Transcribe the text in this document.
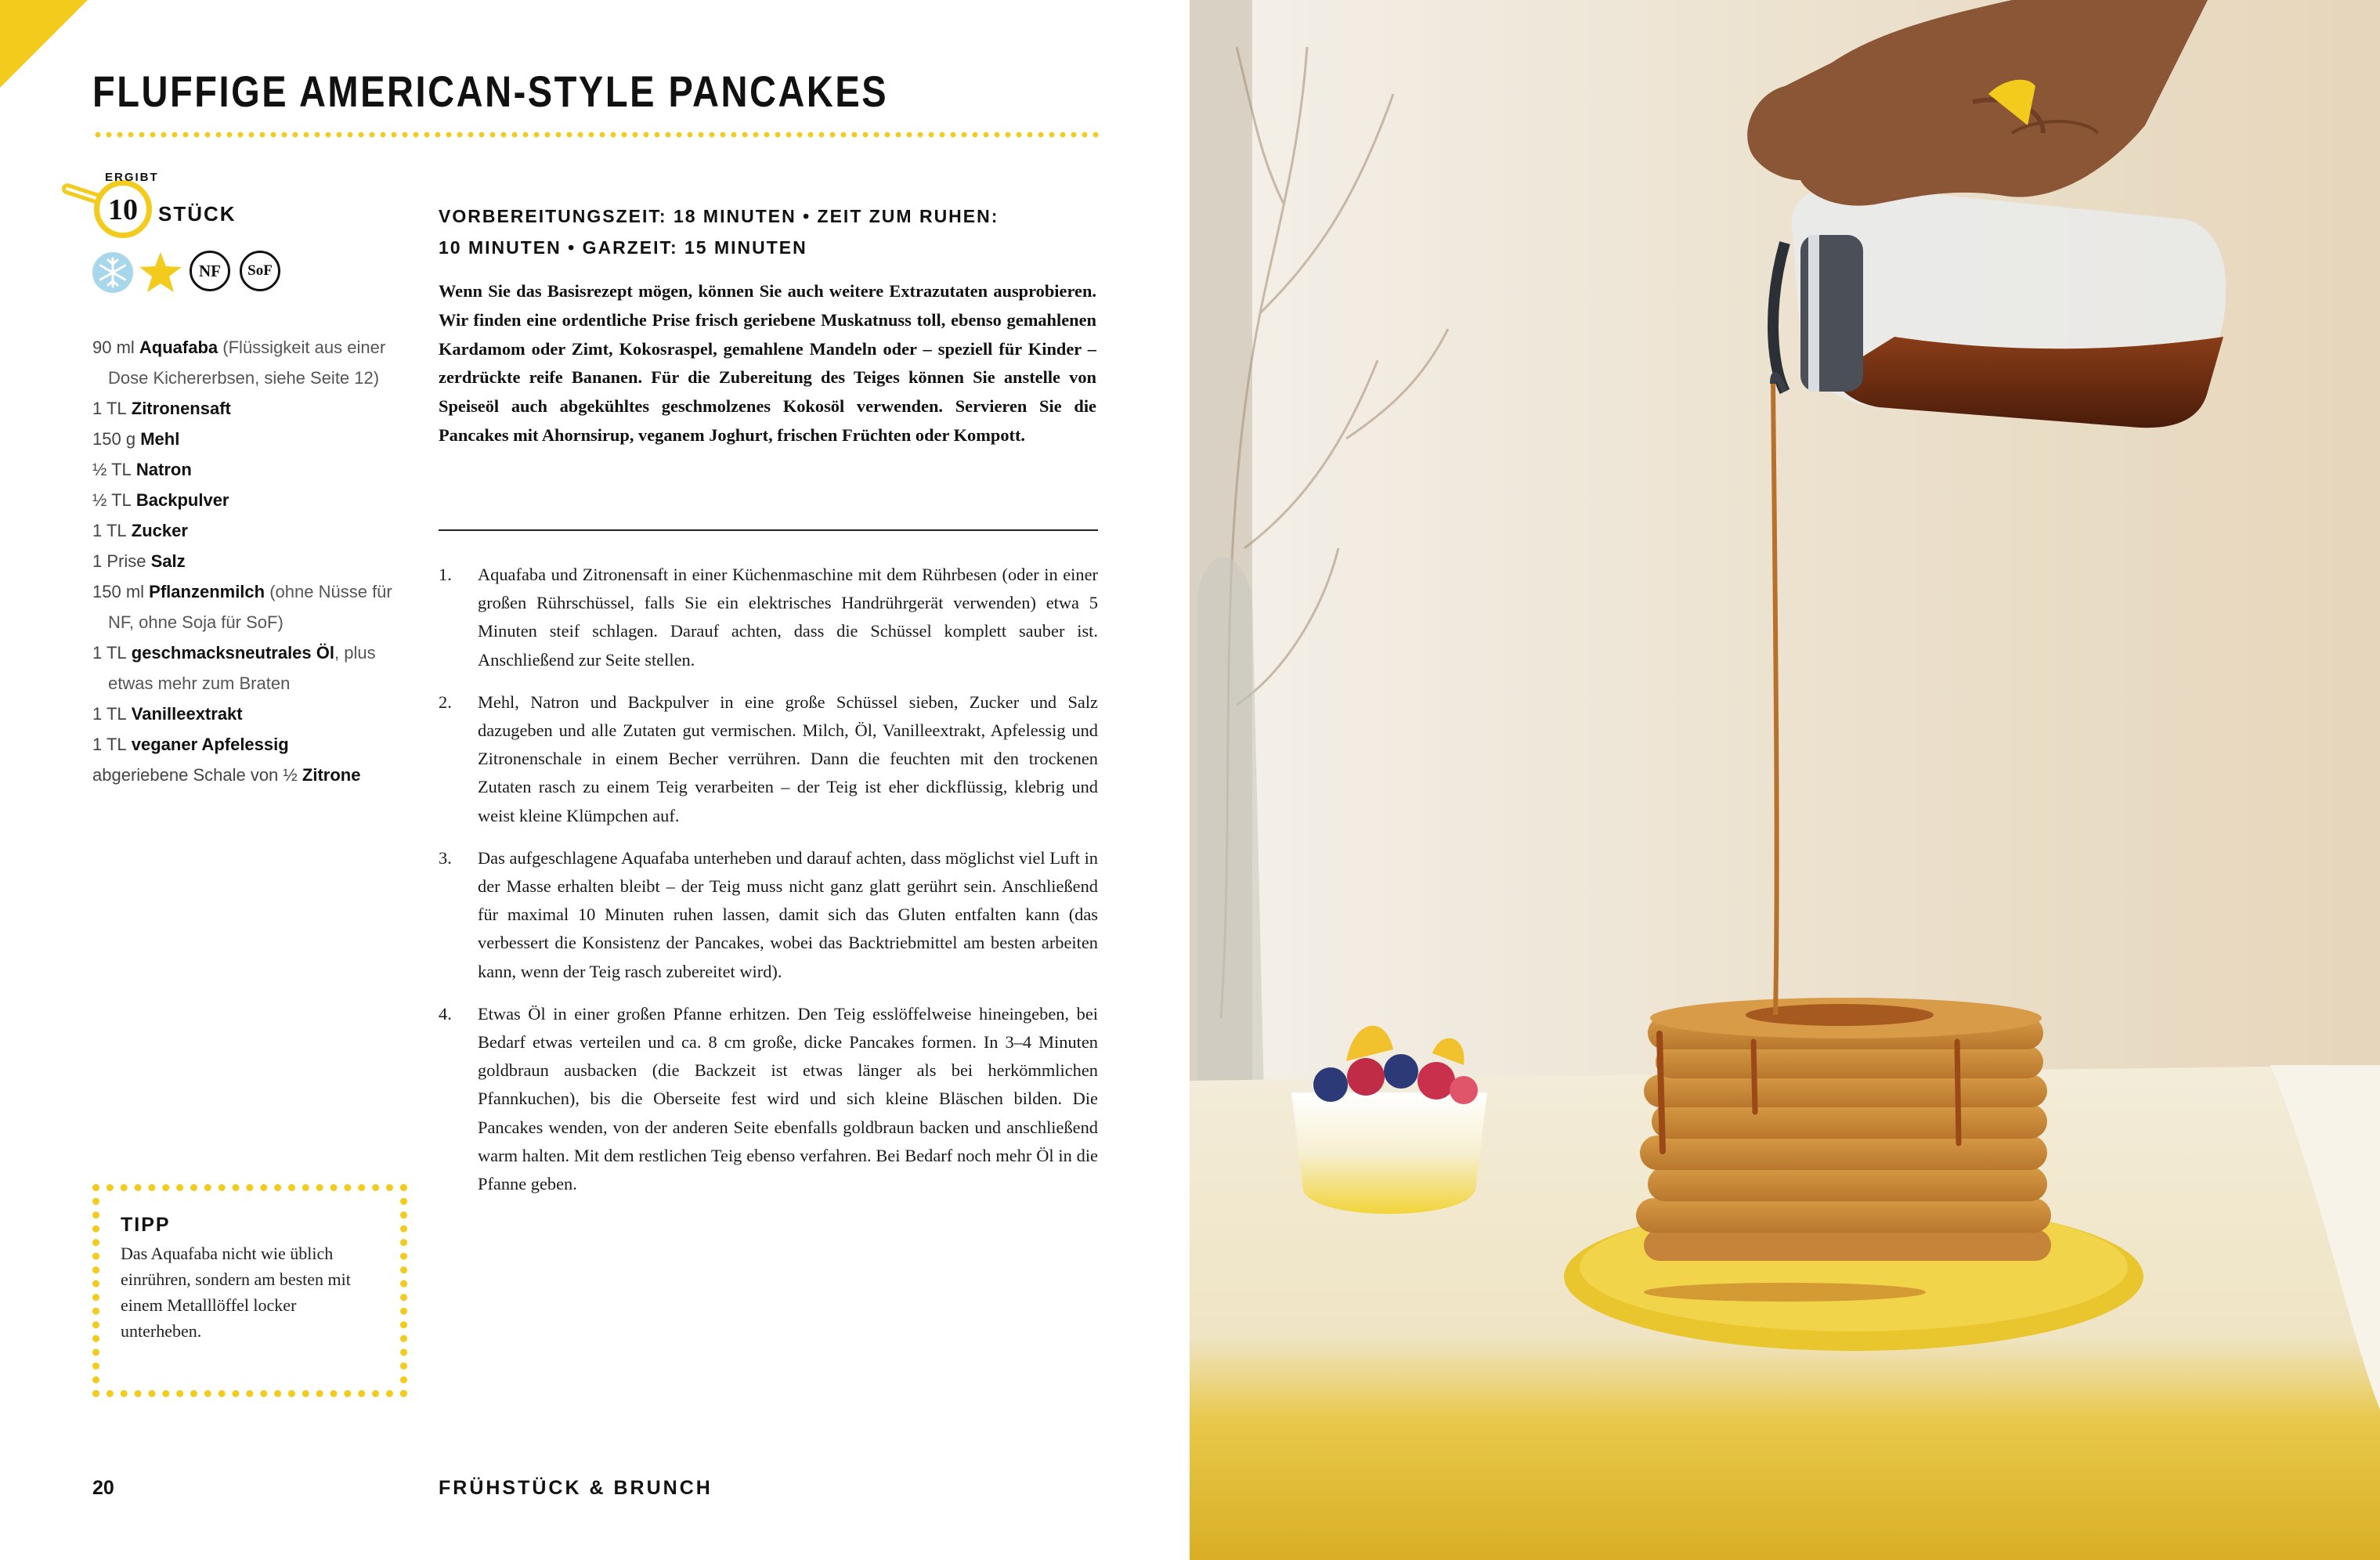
FLUFFIGE AMERICAN-STYLE PANCAKES
ERGIBT
10	STÜCK
NF	SoF
90 ml Aquafaba (Flüssigkeit aus einer Dose Kichererbsen, siehe Seite 12)
1 TL Zitronensaft
150 g Mehl
½ TL Natron
½ TL Backpulver
1 TL Zucker
1 Prise Salz
150 ml Pflanzenmilch (ohne Nüsse für NF, ohne Soja für SoF)
1 TL geschmacksneutrales Öl, plus etwas mehr zum Braten
1 TL Vanilleextrakt
1 TL veganer Apfelessig
abgeriebene Schale von ½ Zitrone
TIPP
Das Aquafaba nicht wie üblich einrühren, sondern am besten mit einem Metalllöffel locker unterheben.
VORBEREITUNGSZEIT: 18 MINUTEN • ZEIT ZUM RUHEN:
10 MINUTEN • GARZEIT: 15 MINUTEN

Wenn Sie das Basisrezept mögen, können Sie auch weitere Extrazutaten ausprobieren. Wir finden eine ordentliche Prise frisch geriebene Muskatnuss toll, ebenso gemahlenen Kardamom oder Zimt, Kokosraspel, gemahlene Mandeln oder – speziell für Kinder – zerdrückte reife Bananen. Für die Zubereitung des Teiges können Sie anstelle von Speiseöl auch abgekühltes geschmolzenes Kokosöl verwenden. Servieren Sie die Pancakes mit Ahornsirup, veganem Joghurt, frischen Früchten oder Kompott.

1. Aquafaba und Zitronensaft in einer Küchenmaschine mit dem Rührbesen (oder in einer großen Rührschüssel, falls Sie ein elektrisches Handrührgerät verwenden) etwa 5 Minuten steif schlagen. Darauf achten, dass die Schüssel komplett sauber ist. Anschließend zur Seite stellen.
2. Mehl, Natron und Backpulver in eine große Schüssel sieben, Zucker und Salz dazugeben und alle Zutaten gut vermischen. Milch, Öl, Vanilleextrakt, Apfelessig und Zitronenschale in einem Becher verrühren. Dann die feuchten mit den trockenen Zutaten rasch zu einem Teig verarbeiten – der Teig ist eher dickflüssig, klebrig und weist kleine Klümpchen auf.
3. Das aufgeschlagene Aquafaba unterheben und darauf achten, dass möglichst viel Luft in der Masse erhalten bleibt – der Teig muss nicht ganz glatt gerührt sein. Anschließend für maximal 10 Minuten ruhen lassen, damit sich das Gluten entfalten kann (das verbessert die Konsistenz der Pancakes, wobei das Backtriebmittel am besten arbeiten kann, wenn der Teig rasch zubereitet wird).
4. Etwas Öl in einer großen Pfanne erhitzen. Den Teig esslöffelweise hineingeben, bei Bedarf etwas verteilen und ca. 8 cm große, dicke Pancakes formen. In 3–4 Minuten goldbraun ausbacken (die Backzeit ist etwas länger als bei herkömmlichen Pfannkuchen), bis die Oberseite fest wird und sich kleine Bläschen bilden. Die Pancakes wenden, von der anderen Seite ebenfalls goldbraun backen und anschließend warm halten. Mit dem restlichen Teig ebenso verfahren. Bei Bedarf noch mehr Öl in die Pfanne geben.
20	FRÜHSTÜCK & BRUNCH
